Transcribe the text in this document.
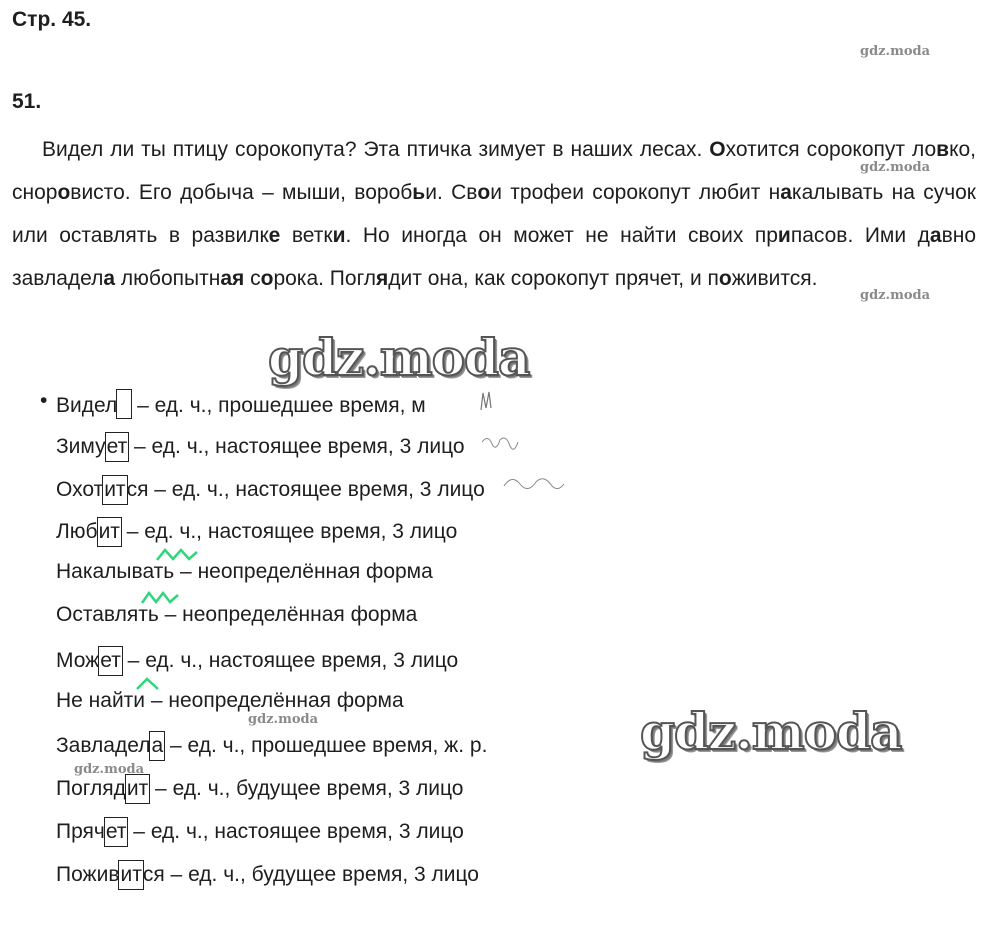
Стр. 45.
51.
Видел ли ты птицу сорокопута? Эта птичка зимует в наших лесах. Охотится сорокопут ловко, сноровисто. Его добыча – мыши, воробьи. Свои трофеи сорокопут любит накалывать на сучок или оставлять в развилке ветки. Но иногда он может не найти своих припасов. Ими давно завладела любопытная сорока. Поглядит она, как сорокопут прячет, и поживится.
• Видел – ед. ч., прошедшее время, м
Зимует – ед. ч., настоящее время, 3 лицо
Охотится – ед. ч., настоящее время, 3 лицо
Любит – ед. ч., настоящее время, 3 лицо
Накалывать – неопределённая форма
Оставлять – неопределённая форма
Может – ед. ч., настоящее время, 3 лицо
Не найти – неопределённая форма
Завладела – ед. ч., прошедшее время, ж. р.
Поглядит – ед. ч., будущее время, 3 лицо
Прячет – ед. ч., настоящее время, 3 лицо
Поживится – ед. ч., будущее время, 3 лицо
gdz.moda
gdz.moda
gdz.moda
gdz.moda
gdz.moda
gdz.moda
gdz.moda
